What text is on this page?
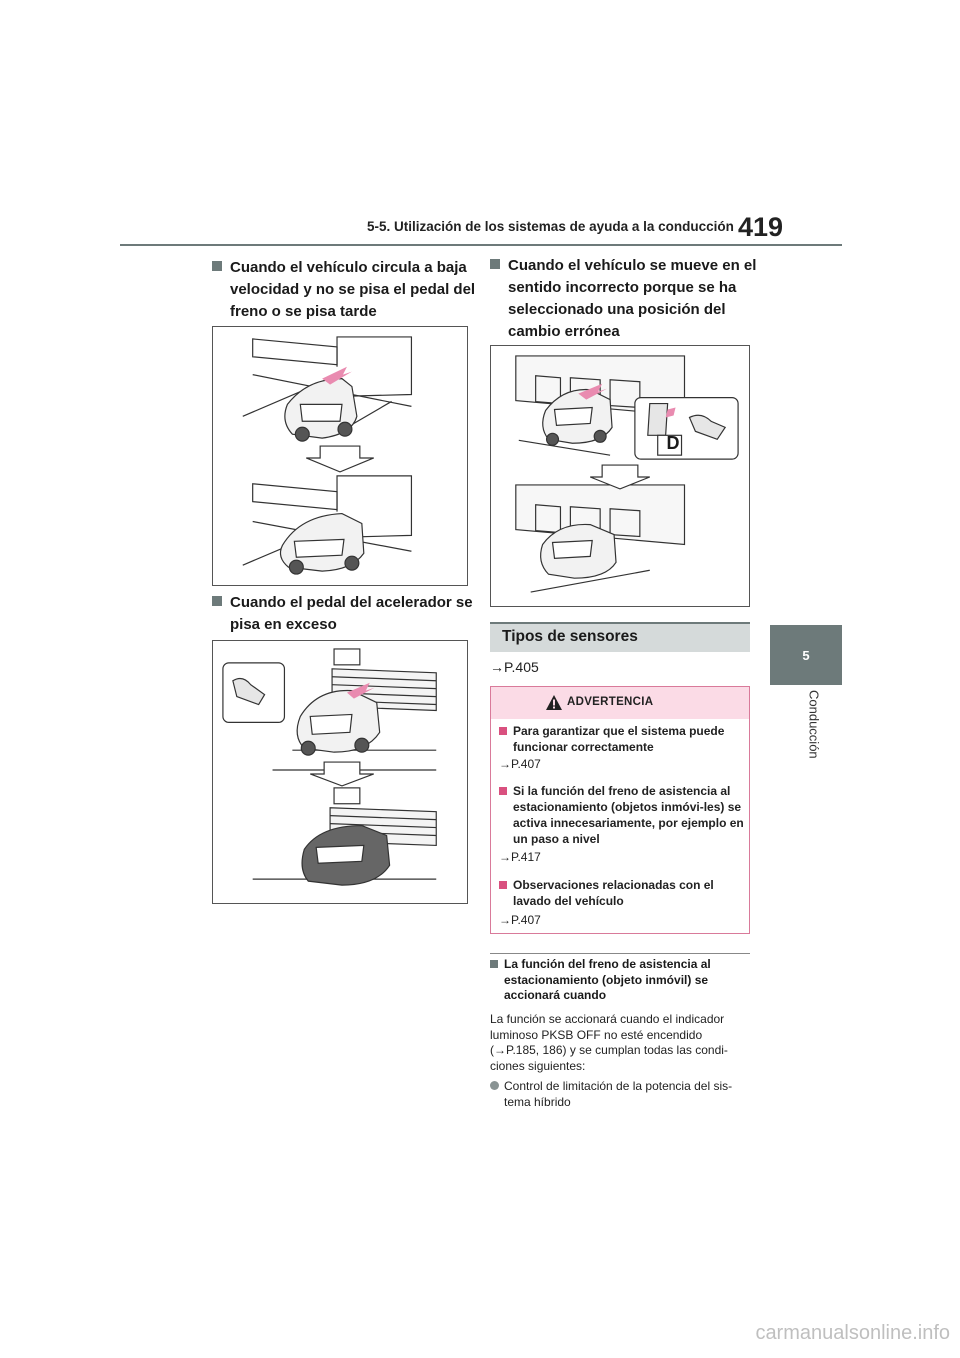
5-5. Utilización de los sistemas de ayuda a la conducción 419
5
Conducción
Cuando el vehículo circula a baja velocidad y no se pisa el pedal del freno o se pisa tarde
Cuando el pedal del acelerador se pisa en exceso
Cuando el vehículo se mueve en el sentido incorrecto porque se ha seleccionado una posición del cambio errónea
D
Tipos de sensores
→P.405
ADVERTENCIA
Para garantizar que el sistema puede funcionar correctamente
→P.407
Si la función del freno de asistencia al estacionamiento (objetos inmóvi-les) se activa innecesariamente, por ejemplo en un paso a nivel
→P.417
Observaciones relacionadas con el lavado del vehículo
→P.407
La función del freno de asistencia al estacionamiento (objeto inmóvil) se accionará cuando
La función se accionará cuando el indicador luminoso PKSB OFF no esté encendido (→P.185, 186) y se cumplan todas las condi-ciones siguientes:
Control de limitación de la potencia del sis-tema híbrido
carmanualsonline.info
